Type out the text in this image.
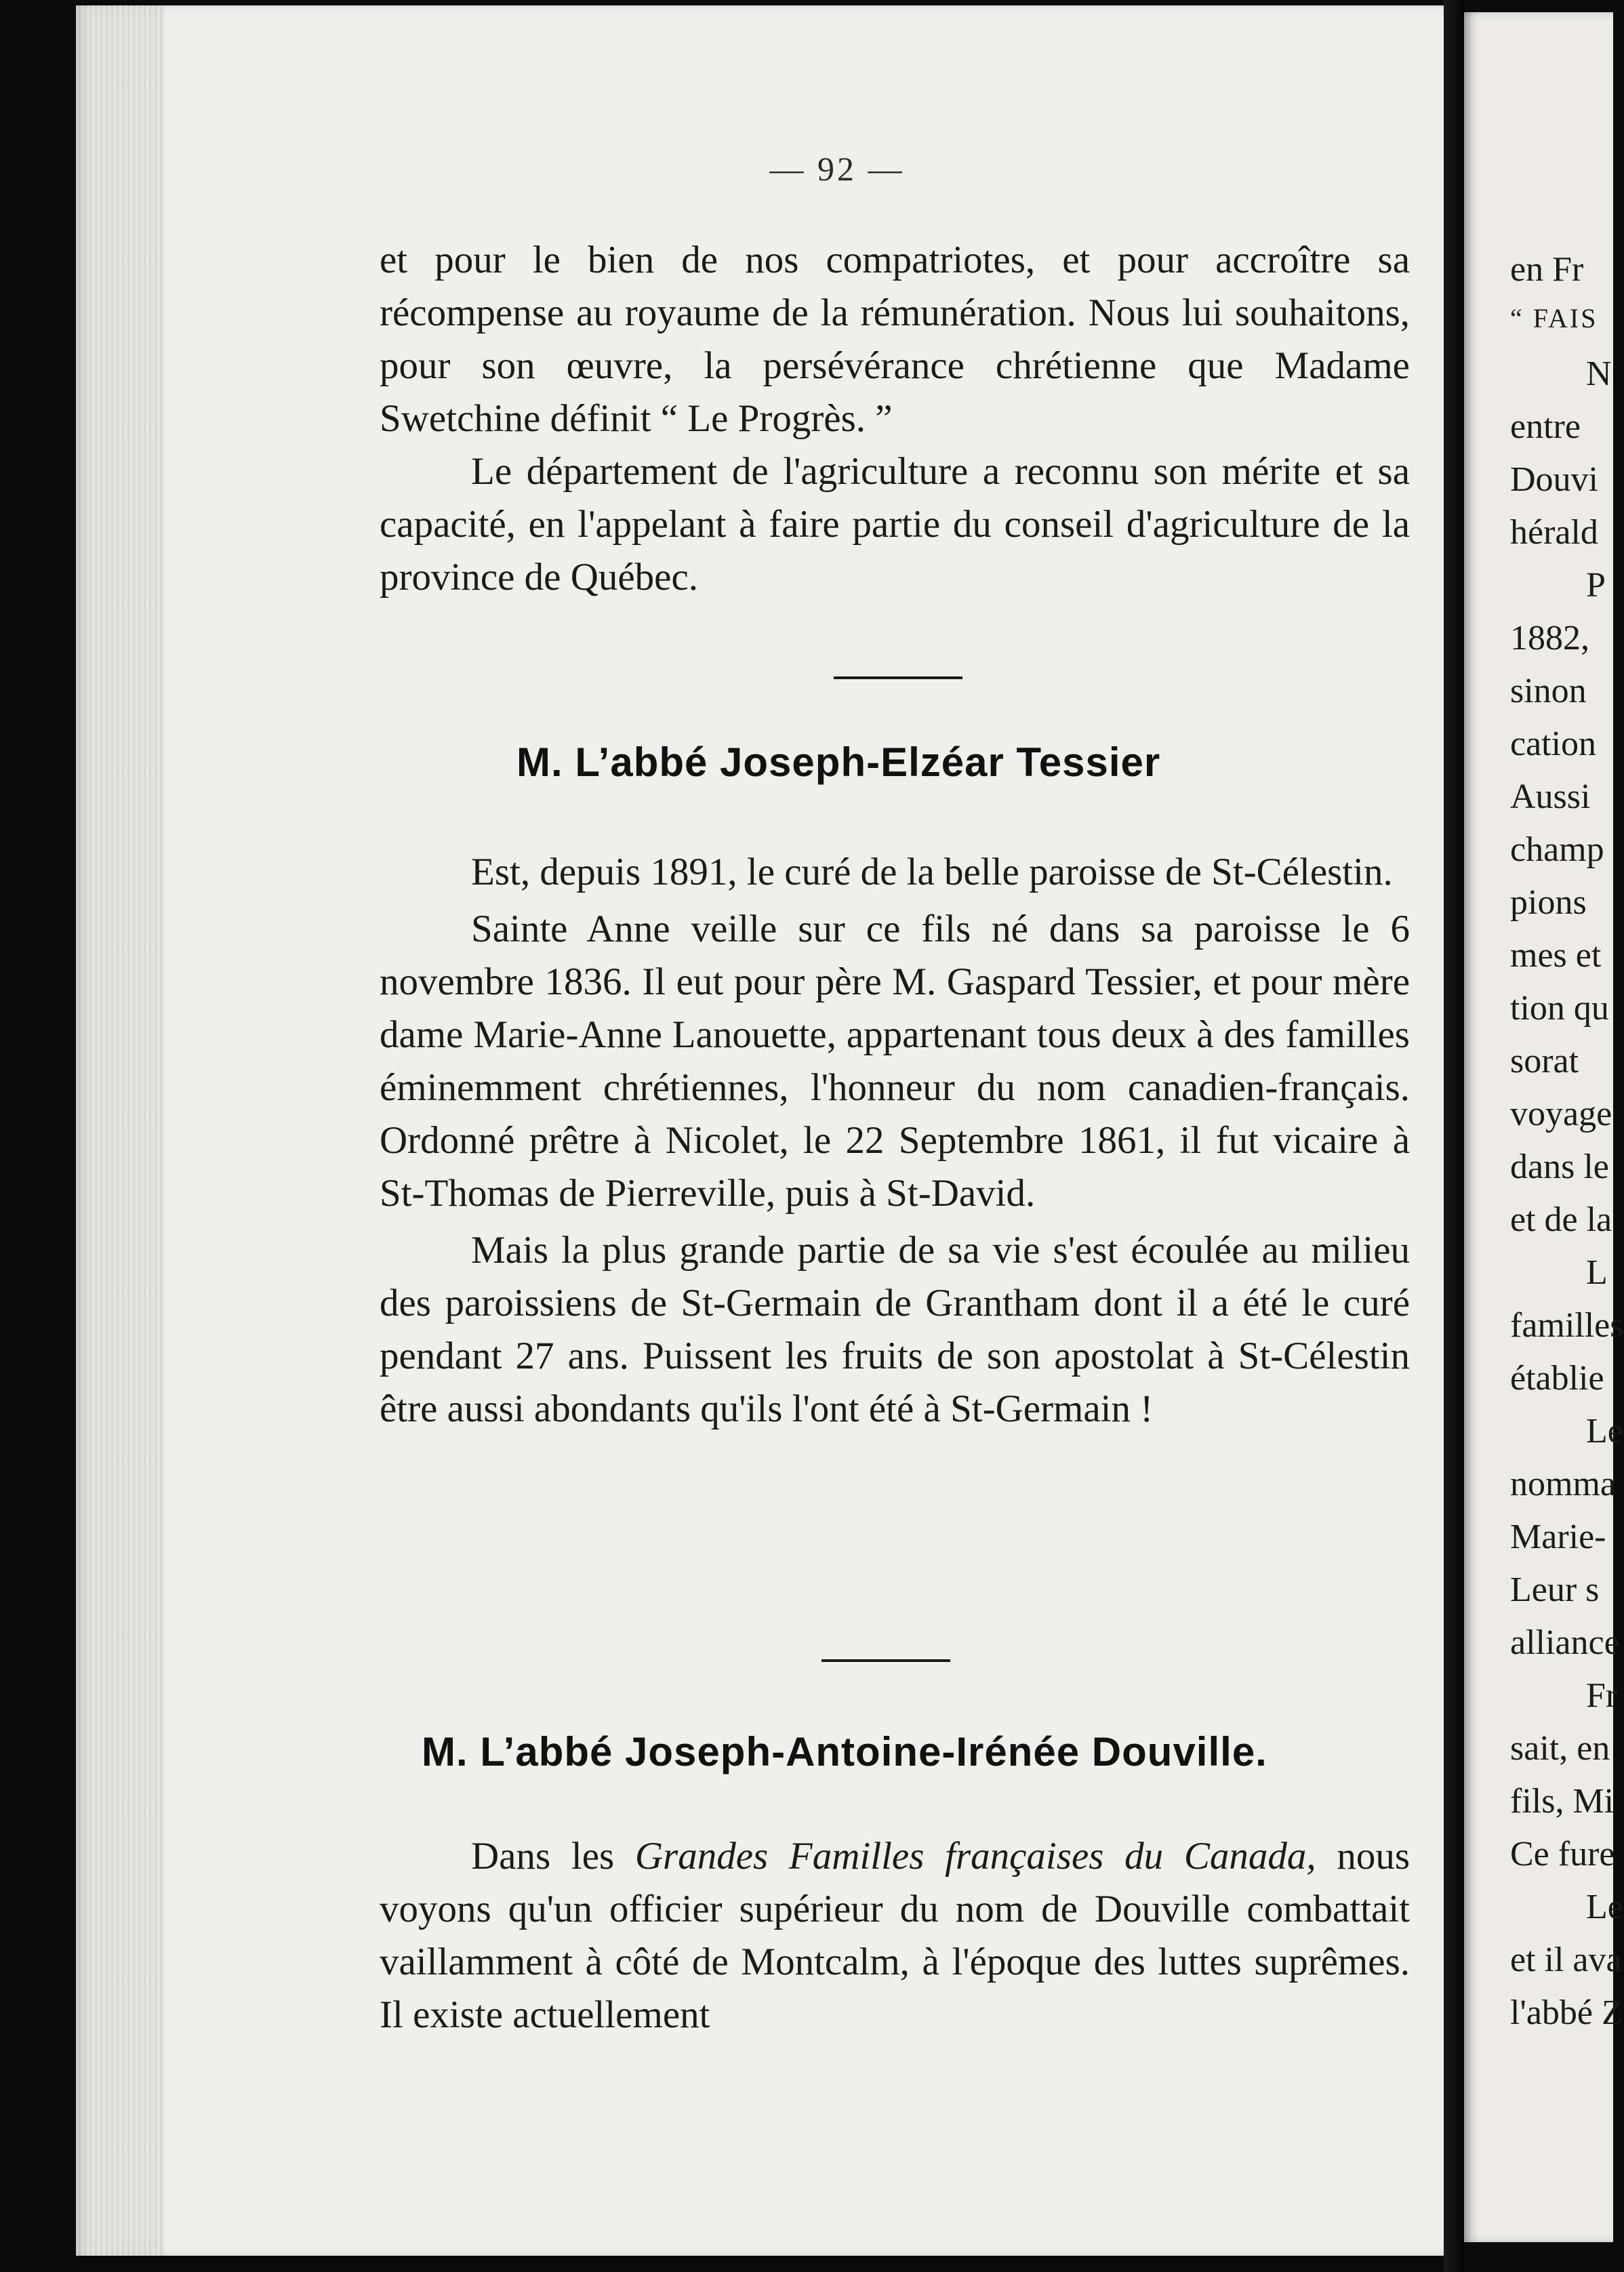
en Fr
“ FAIS
N
entre
Douvi
hérald
P
1882,
sinon
cation
Aussi
champ
pions
mes et
tion qu
sorat
voyage
dans le
et de la
L
familles
établie
Le
nomma
Marie-
Leur s
alliance
Fr
sait, en
fils, Mi
Ce fure
Le
et il ava
l'abbé Z
— 92 —

et pour le bien de nos compatriotes, et pour accroître sa récompense au royaume de la rémunération. Nous lui souhaitons, pour son œuvre, la persévérance chrétienne que Madame Swetchine définit “ Le Progrès. ”

Le département de l'agriculture a reconnu son mérite et sa capacité, en l'appelant à faire partie du conseil d'agriculture de la province de Québec.

M. L’abbé Joseph-Elzéar Tessier

Est, depuis 1891, le curé de la belle paroisse de St-Célestin.

Sainte Anne veille sur ce fils né dans sa paroisse le 6 novembre 1836. Il eut pour père M. Gaspard Tessier, et pour mère dame Marie-Anne Lanouette, appartenant tous deux à des familles éminemment chrétiennes, l'honneur du nom canadien-français. Ordonné prêtre à Nicolet, le 22 Septembre 1861, il fut vicaire à St-Thomas de Pierreville, puis à St-David.

Mais la plus grande partie de sa vie s'est écoulée au milieu des paroissiens de St-Germain de Grantham dont il a été le curé pendant 27 ans. Puissent les fruits de son apostolat à St-Célestin être aussi abondants qu'ils l'ont été à St-Germain !

M. L’abbé Joseph-Antoine-Irénée Douville.

Dans les Grandes Familles françaises du Canada, nous voyons qu'un officier supérieur du nom de Douville combattait vaillamment à côté de Montcalm, à l'époque des luttes suprêmes. Il existe actuellement
